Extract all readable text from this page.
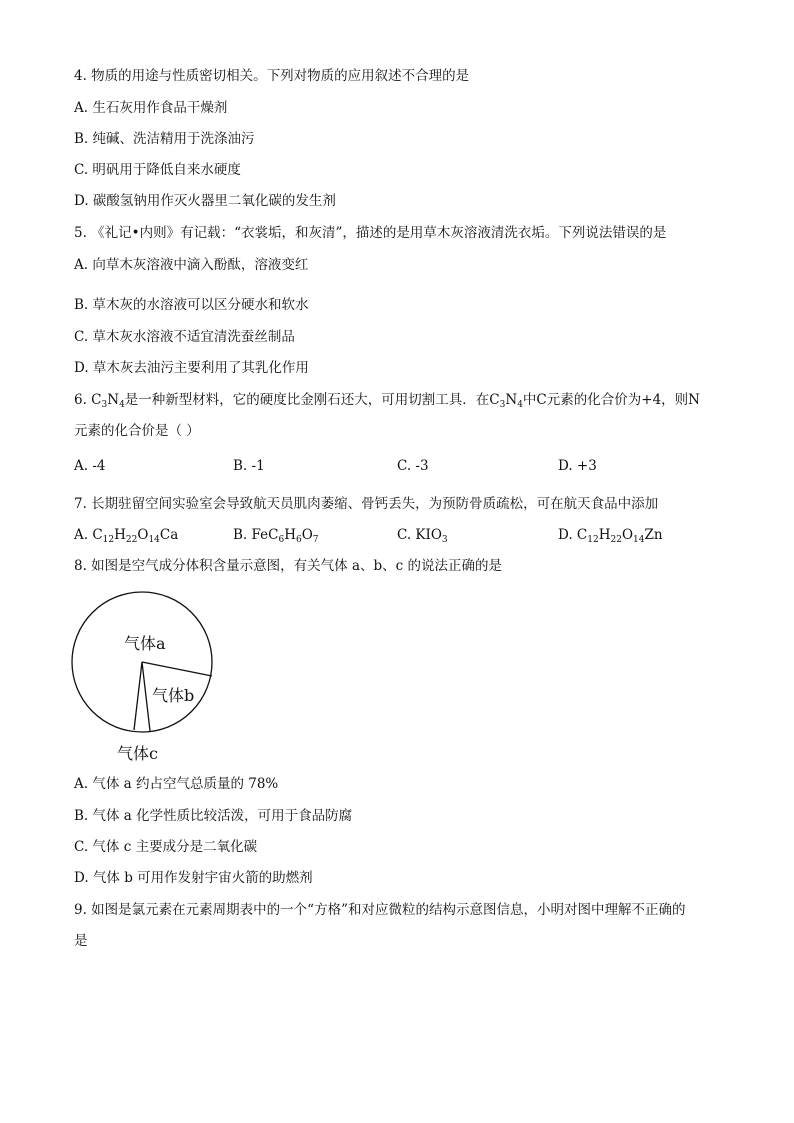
4. 物质的用途与性质密切相关。下列对物质的应用叙述不合理的是
A. 生石灰用作食品干燥剂
B. 纯碱、洗洁精用于洗涤油污
C. 明矾用于降低自来水硬度
D. 碳酸氢钠用作灭火器里二氧化碳的发生剂
5. 《礼记•内则》有记载：“衣裳垢，和灰清”，描述的是用草木灰溶液清洗衣垢。下列说法错误的是
A. 向草木灰溶液中滴入酚酞，溶液变红
B. 草木灰的水溶液可以区分硬水和软水
C. 草木灰水溶液不适宜清洗蚕丝制品
D. 草木灰去油污主要利用了其乳化作用
6. $C_3N_4$是一种新型材料，它的硬度比金刚石还大，可用切割工具．在$C_3N_4$中C元素的化合价为+4，则N
元素的化合价是（ ）
A. -4	B. -1	C. -3	D. +3
7. 长期驻留空间实验室会导致航天员肌肉萎缩、骨钙丢失，为预防骨质疏松，可在航天食品中添加
A. $C_{12}H_{22}O_{14}Ca$	B. $FeC_6H_6O_7$	C. $KIO_3$	D. $C_{12}H_{22}O_{14}Zn$
8. 如图是空气成分体积含量示意图，有关气体 a、b、c 的说法正确的是
气体a
气体b
气体c
A. 气体 a 约占空气总质量的 78%
B. 气体 a 化学性质比较活泼，可用于食品防腐
C. 气体 c 主要成分是二氧化碳
D. 气体 b 可用作发射宇宙火箭的助燃剂
9. 如图是氯元素在元素周期表中的一个“方格”和对应微粒的结构示意图信息，小明对图中理解不正确的
是
